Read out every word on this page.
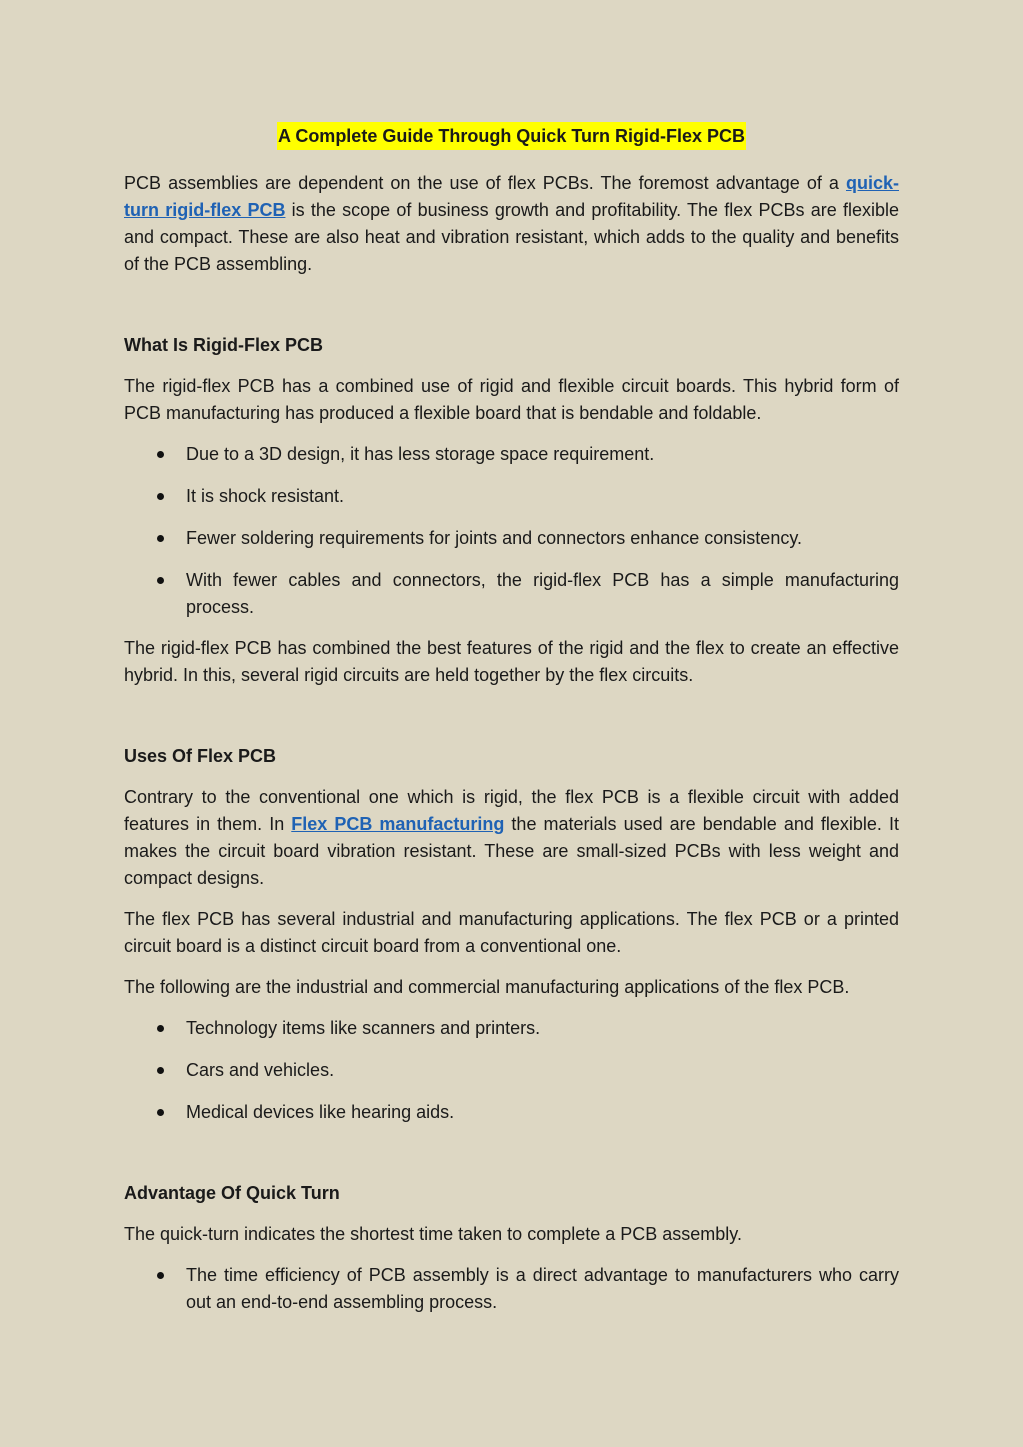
A Complete Guide Through Quick Turn Rigid-Flex PCB

PCB assemblies are dependent on the use of flex PCBs. The foremost advantage of a quick-turn rigid-flex PCB is the scope of business growth and profitability. The flex PCBs are flexible and compact. These are also heat and vibration resistant, which adds to the quality and benefits of the PCB assembling.

What Is Rigid-Flex PCB

The rigid-flex PCB has a combined use of rigid and flexible circuit boards. This hybrid form of PCB manufacturing has produced a flexible board that is bendable and foldable.

Due to a 3D design, it has less storage space requirement.
It is shock resistant.
Fewer soldering requirements for joints and connectors enhance consistency.
With fewer cables and connectors, the rigid-flex PCB has a simple manufacturing process.

The rigid-flex PCB has combined the best features of the rigid and the flex to create an effective hybrid. In this, several rigid circuits are held together by the flex circuits.

Uses Of Flex PCB

Contrary to the conventional one which is rigid, the flex PCB is a flexible circuit with added features in them. In Flex PCB manufacturing the materials used are bendable and flexible. It makes the circuit board vibration resistant. These are small-sized PCBs with less weight and compact designs.

The flex PCB has several industrial and manufacturing applications. The flex PCB or a printed circuit board is a distinct circuit board from a conventional one.

The following are the industrial and commercial manufacturing applications of the flex PCB.

Technology items like scanners and printers.
Cars and vehicles.
Medical devices like hearing aids.
Advantage Of Quick Turn

The quick-turn indicates the shortest time taken to complete a PCB assembly.

The time efficiency of PCB assembly is a direct advantage to manufacturers who carry out an end-to-end assembling process.
